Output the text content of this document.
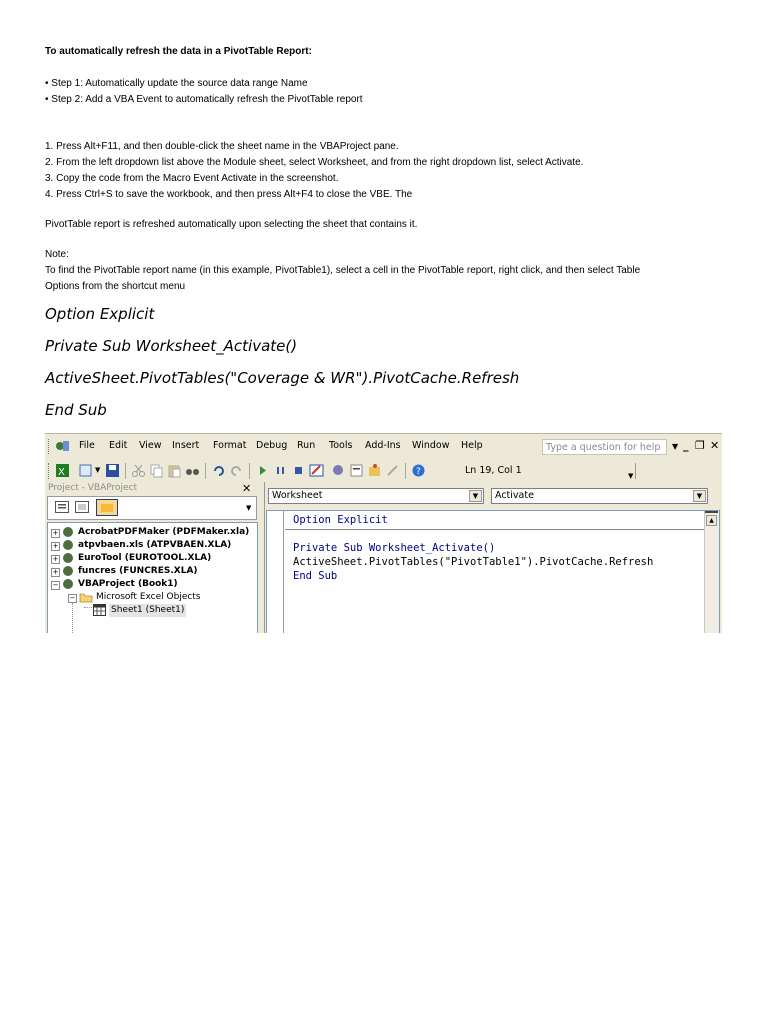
To automatically refresh the data in a PivotTable Report:
• Step 1: Automatically update the source data range Name
• Step 2: Add a VBA Event to automatically refresh the PivotTable report
1. Press Alt+F11, and then double-click the sheet name in the VBAProject pane.
2. From the left dropdown list above the Module sheet, select Worksheet, and from the right dropdown list, select Activate.
3. Copy the code from the Macro Event Activate in the screenshot.
4. Press Ctrl+S to save the workbook, and then press Alt+F4 to close the VBE. The
PivotTable report is refreshed automatically upon selecting the sheet that contains it.
Note:
To find the PivotTable report name (in this example, PivotTable1), select a cell in the PivotTable report, right click, and then select Table
Options from the shortcut menu
Option Explicit
Private Sub Worksheet_Activate()
ActiveSheet.PivotTables("Coverage & WR").PivotCache.Refresh
End Sub
File Edit View Insert Format Debug Run Tools Add-Ins Window Help	Type a question for help	▼ _ ❐ ✕
X	▼	?	Ln 19, Col 1	▼
Project - VBAProject	✕
▼
+ AcrobatPDFMaker (PDFMaker.xla)
+ atpvbaen.xls (ATPVBAEN.XLA)
+ EuroTool (EUROTOOL.XLA)
+ funcres (FUNCRES.XLA)
− VBAProject (Book1)
− Microsoft Excel Objects
Sheet1 (Sheet1)
Worksheet	▼	Activate	▼
Option Explicit
Private Sub Worksheet_Activate()
ActiveSheet.PivotTables("PivotTable1").PivotCache.Refresh
End Sub
▲
